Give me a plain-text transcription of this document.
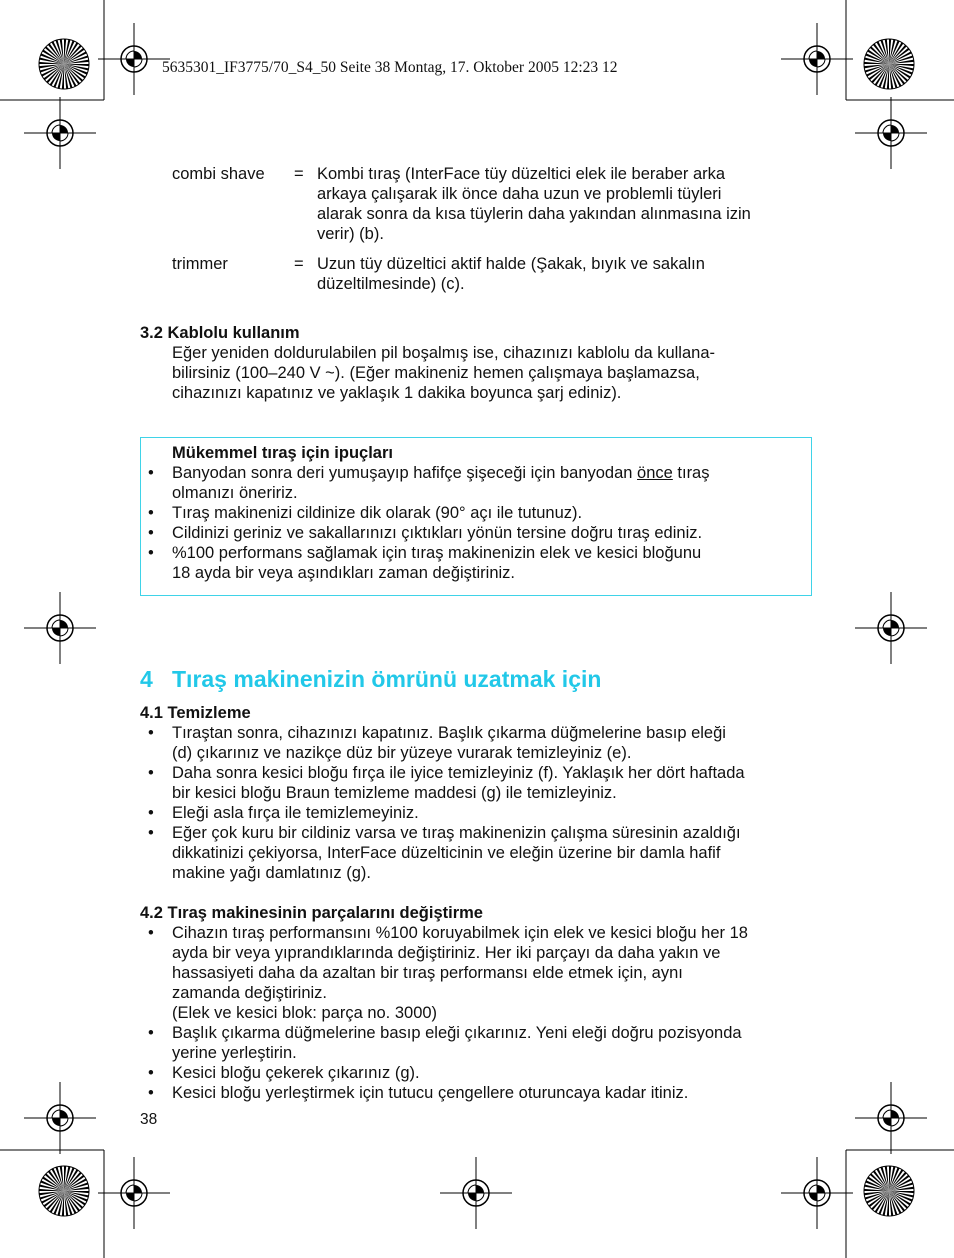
5635301_IF3775/70_S4_50 Seite 38 Montag, 17. Oktober 2005 12:23 12
combi shave = Kombi tıraş (InterFace tüy düzeltici elek ile beraber arka
arkaya çalışarak ilk önce daha uzun ve problemli tüyleri
alarak sonra da kısa tüylerin daha yakından alınmasına izin
verir) (b).
trimmer	= Uzun tüy düzeltici aktif halde (Şakak, bıyık ve sakalın
düzeltilmesinde) (c).
3.2 Kablolu kullanım
Eğer yeniden doldurulabilen pil boşalmış ise, cihazınızı kablolu da kullana-
bilirsiniz (100–240 V ~). (Eğer makineniz hemen çalışmaya başlamazsa,
cihazınızı kapatınız ve yaklaşık 1 dakika boyunca şarj ediniz).
Mükemmel tıraş için ipuçları
• Banyodan sonra deri yumuşayıp hafifçe şişeceği için banyodan önce tıraş
olmanızı öneririz.
• Tıraş makinenizi cildinize dik olarak (90° açı ile tutunuz).
• Cildinizi geriniz ve sakallarınızı çıktıkları yönün tersine doğru tıraş ediniz.
• %100 performans sağlamak için tıraş makinenizin elek ve kesici bloğunu
18 ayda bir veya aşındıkları zaman değiştiriniz.
4 Tıraş makinenizin ömrünü uzatmak için
4.1 Temizleme
• Tıraştan sonra, cihazınızı kapatınız. Başlık çıkarma düğmelerine basıp eleği
(d) çıkarınız ve nazikçe düz bir yüzeye vurarak temizleyiniz (e).
• Daha sonra kesici bloğu fırça ile iyice temizleyiniz (f). Yaklaşık her dört haftada
bir kesici bloğu Braun temizleme maddesi (g) ile temizleyiniz.
• Eleği asla fırça ile temizlemeyiniz.
• Eğer çok kuru bir cildiniz varsa ve tıraş makinenizin çalışma süresinin azaldığı
dikkatinizi çekiyorsa, InterFace düzelticinin ve eleğin üzerine bir damla hafif
makine yağı damlatınız (g).
4.2 Tıraş makinesinin parçalarını değiştirme
• Cihazın tıraş performansını %100 koruyabilmek için elek ve kesici bloğu her 18
ayda bir veya yıprandıklarında değiştiriniz. Her iki parçayı da daha yakın ve
hassasiyeti daha da azaltan bir tıraş performansı elde etmek için, aynı
zamanda değiştiriniz.
(Elek ve kesici blok: parça no. 3000)
• Başlık çıkarma düğmelerine basıp eleği çıkarınız. Yeni eleği doğru pozisyonda
yerine yerleştirin.
• Kesici bloğu çekerek çıkarınız (g).
• Kesici bloğu yerleştirmek için tutucu çengellere oturuncaya kadar itiniz.
38
